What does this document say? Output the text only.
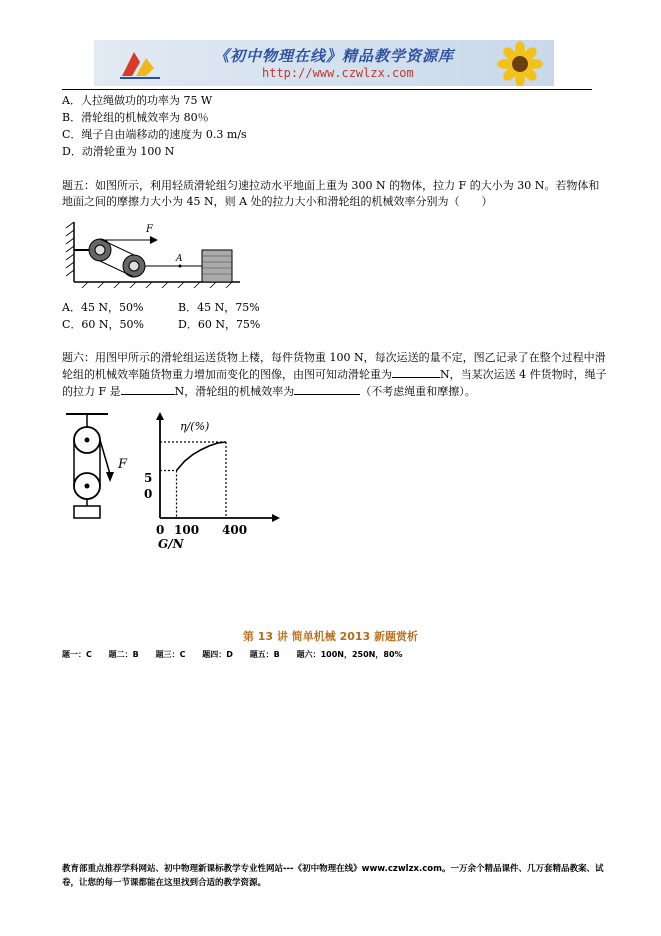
《初中物理在线》精品教学资源库
http://www.czwlzx.com
A．人拉绳做功的功率为 75 W
B．滑轮组的机械效率为 80％
C．绳子自由端移动的速度为 0.3 m/s
D．动滑轮重为 100 N
题五：如图所示，利用轻质滑轮组匀速拉动水平地面上重为 300 N 的物体，拉力 F 的大小为 30 N。若物体和地面之间的摩擦力大小为 45 N，则 A 处的拉力大小和滑轮组的机械效率分别为（　　）
F
A
A．45 N，50%	B．45 N，75%
C．60 N，50%	D．60 N，75%
题六：用图甲所示的滑轮组运送货物上楼，每件货物重 100 N，每次运送的量不定，图乙记录了在整个过程中滑轮组的机械效率随货物重力增加而变化的图像，由图可知动滑轮重为	N，当某次运送 4 件货物时，绳子的拉力 F 是	N，滑轮组的机械效率为	（不考虑绳重和摩擦）。
F
η/(%)
5
0
0 100 400
G/N
第 13 讲 简单机械 2013 新题赏析
题一：C 题二：B 题三：C 题四：D 题五：B 题六：100N，250N，80%
教育部重点推荐学科网站、初中物理新课标教学专业性网站---《初中物理在线》www.czwlzx.com。一万余个精品课件、几万套精品教案、试卷，让您的每一节课都能在这里找到合适的教学资源。
